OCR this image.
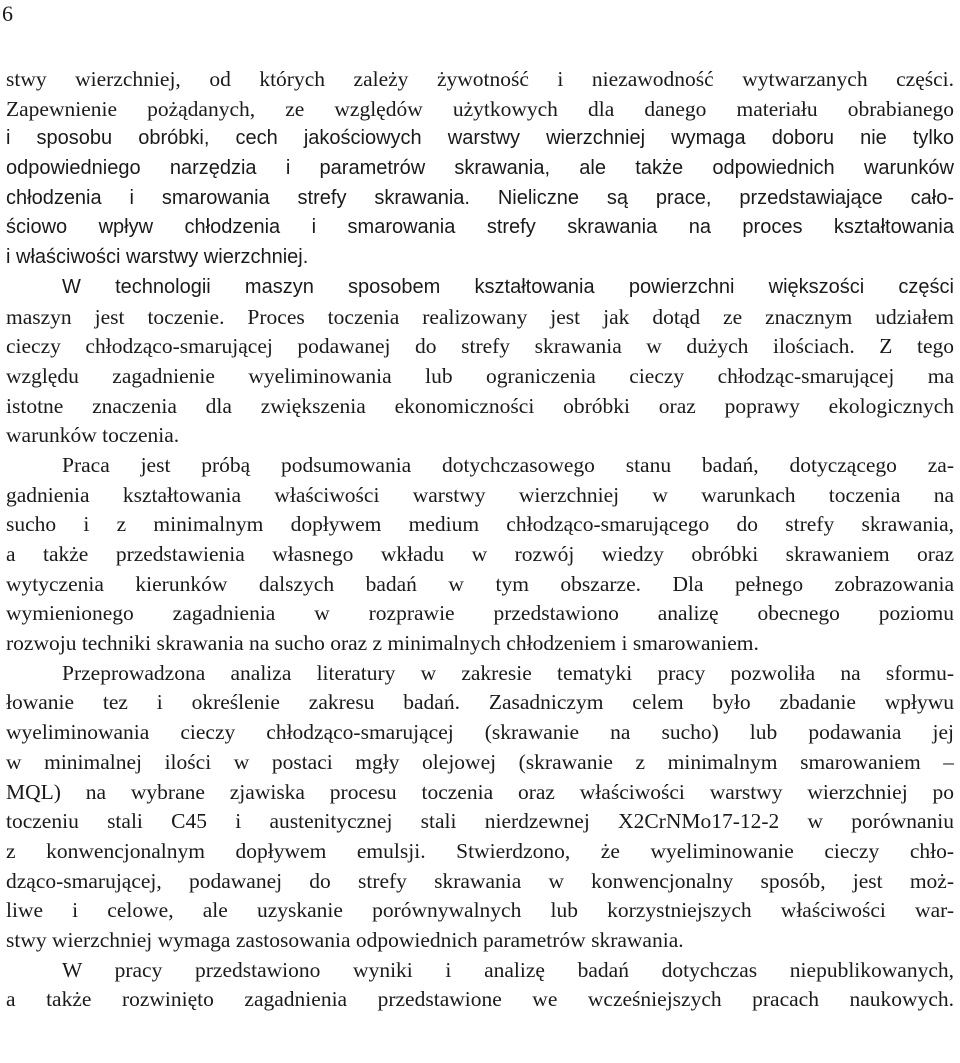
6
stwy wierzchniej, od których zależy żywotność i niezawodność wytwarzanych części.
Zapewnienie pożądanych, ze względów użytkowych dla danego materiału obrabianego
i sposobu obróbki, cech jakościowych warstwy wierzchniej wymaga doboru nie tylko
odpowiedniego narzędzia i parametrów skrawania, ale także odpowiednich warunków
chłodzenia i smarowania strefy skrawania. Nieliczne są prace, przedstawiające cało-
ściowo wpływ chłodzenia i smarowania strefy skrawania na proces kształtowania
i właściwości warstwy wierzchniej.
W technologii maszyn sposobem kształtowania powierzchni większości części
maszyn jest toczenie. Proces toczenia realizowany jest jak dotąd ze znacznym udziałem
cieczy chłodząco-smarującej podawanej do strefy skrawania w dużych ilościach. Z tego
względu zagadnienie wyeliminowania lub ograniczenia cieczy chłodząc-smarującej ma
istotne znaczenia dla zwiększenia ekonomiczności obróbki oraz poprawy ekologicznych
warunków toczenia.
Praca jest próbą podsumowania dotychczasowego stanu badań, dotyczącego za-
gadnienia kształtowania właściwości warstwy wierzchniej w warunkach toczenia na
sucho i z minimalnym dopływem medium chłodząco-smarującego do strefy skrawania,
a także przedstawienia własnego wkładu w rozwój wiedzy obróbki skrawaniem oraz
wytyczenia kierunków dalszych badań w tym obszarze. Dla pełnego zobrazowania
wymienionego zagadnienia w rozprawie przedstawiono analizę obecnego poziomu
rozwoju techniki skrawania na sucho oraz z minimalnych chłodzeniem i smarowaniem.
Przeprowadzona analiza literatury w zakresie tematyki pracy pozwoliła na sformu-
łowanie tez i określenie zakresu badań. Zasadniczym celem było zbadanie wpływu
wyeliminowania cieczy chłodząco-smarującej (skrawanie na sucho) lub podawania jej
w minimalnej ilości w postaci mgły olejowej (skrawanie z minimalnym smarowaniem –
MQL) na wybrane zjawiska procesu toczenia oraz właściwości warstwy wierzchniej po
toczeniu stali C45 i austenitycznej stali nierdzewnej X2CrNMo17-12-2 w porównaniu
z konwencjonalnym dopływem emulsji. Stwierdzono, że wyeliminowanie cieczy chło-
dząco-smarującej, podawanej do strefy skrawania w konwencjonalny sposób, jest moż-
liwe i celowe, ale uzyskanie porównywalnych lub korzystniejszych właściwości war-
stwy wierzchniej wymaga zastosowania odpowiednich parametrów skrawania.
W pracy przedstawiono wyniki i analizę badań dotychczas niepublikowanych,
a także rozwinięto zagadnienia przedstawione we wcześniejszych pracach naukowych.
